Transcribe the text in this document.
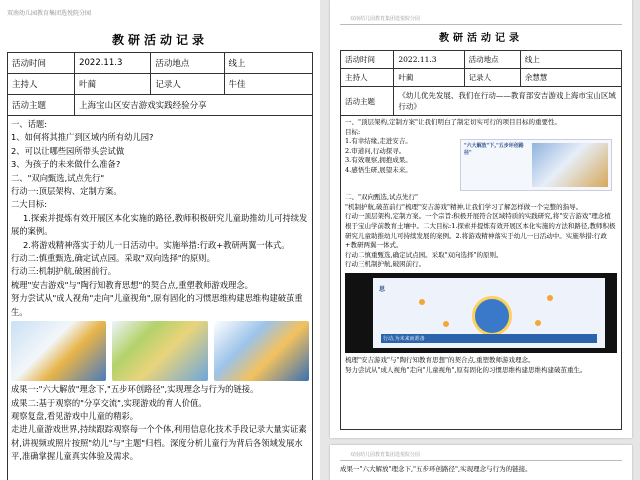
双南幼儿园教育集团选悦院分园
教研活动记录
活动时间	2022.11.3	活动地点	线上
主持人	叶蔺	记录人	牛佳
活动主题	上海宝山区安吉游戏实践经验分享		

一、话题:

1、如何将其推广到区域内所有幼儿园?

2、可以让哪些园所带头尝试做

3、为孩子的未来做什么准备?

二、"双向甄选,试点先行"

行动一:顶层架构、定制方案。

二大目标:

1.探索并提炼有效开展区本化实施的路径,教师积极研究儿童助推幼儿可持续发展的案例。

2.将游戏精神落实于幼儿一日活动中。实施举措:行政+教研两翼一体式。

行动二:慎重甄选,确定试点园。采取"双向选择"的原则。

行动三:机制护航,破困前行。

梳理"安吉游戏"与"陶行知教育思想"的契合点,重塑教师游戏理念。

努力尝试从"成人视角"走向"儿童视角",原有固化的习惯思维构建思维构建破茧重生。

成果一:"六大解放"理念下,"五步环创路径",实现理念与行为的链接。

成果二:基于观察的"分享交流",实现游戏的育人价值。

观察复盘,看见游戏中儿童的精彩。

走进儿童游戏世界,持续跟踪观察每一个个体,利用信息化技术手段记录大量实证素材,讲视频或照片按照"幼儿"与"主题"归档。深度分析儿童行为背后各领域发展水平,准确掌握儿童真实体验及需求。

双南幼儿园教育集团选悦院分园
教研活动记录
活动时间	2022.11.3	活动地点	线上
主持人	叶蔺	记录人	余慧慧
活动主题	《幼儿优先发展、我们在行动——教育部安吉游戏上海市宝山区域行动》		

一、"顶层架构,定制方案"让我们明白了制定切实可行的项目目标的重要性。

目标:

1.有幸结缘,走进安吉。

2.审道问,行动探寻。

3.有效观察,拥抱成果。

4.感悟生研,展望未来。

"六大解放"下,"五步环创路径"

二、"双向甄选,试点先行"

"机制护航,破茧前行"梳理"安吉游戏"精神,让我们学习了解怎样做一个完整的指导。

行动一顶层架构,定制方案。一个宗旨:积极开展符合区域特质的实践研究,将"安吉游戏"理念植根于宝山学前教育土壤中。二大目标:1.探索并提炼有效开展区本化实施的方法和路径,教师积极研究儿童助推幼儿可持续发展的案例。2.将游戏精神落实于幼儿一日活动中。实施举措:行政+教研两翼一体式。

行动二慎重甄选,确定试点园。采取"双向选择"的原则。

行动三机制护航,破困前行。

思
行动,为未来而准备

梳理"安吉游戏"与"陶行知教育思想"的契合点,重塑教师游戏理念。

努力尝试从"成人视角"走向"儿童视角",原有固化的习惯思维构建思维构建破茧重生。

双南幼儿园教育集团选悦院分园

成果一"六大解放"理念下,"五步环创路径",实现理念与行为的链接。
